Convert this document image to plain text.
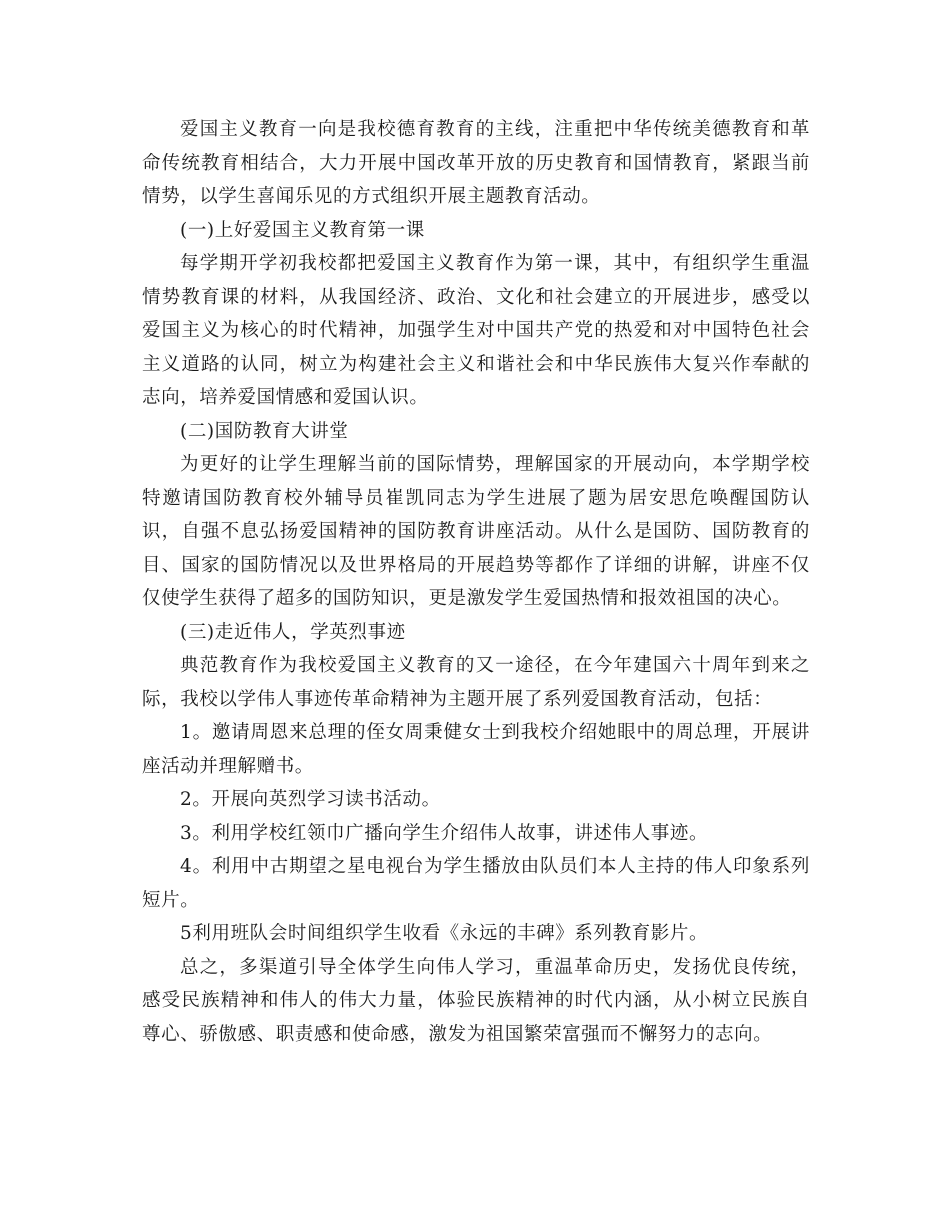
爱国主义教育一向是我校德育教育的主线，注重把中华传统美德教育和革命传统教育相结合，大力开展中国改革开放的历史教育和国情教育，紧跟当前情势，以学生喜闻乐见的方式组织开展主题教育活动。

(一)上好爱国主义教育第一课

每学期开学初我校都把爱国主义教育作为第一课，其中，有组织学生重温情势教育课的材料，从我国经济、政治、文化和社会建立的开展进步，感受以爱国主义为核心的时代精神，加强学生对中国共产党的热爱和对中国特色社会主义道路的认同，树立为构建社会主义和谐社会和中华民族伟大复兴作奉献的志向，培养爱国情感和爱国认识。

(二)国防教育大讲堂

为更好的让学生理解当前的国际情势，理解国家的开展动向，本学期学校特邀请国防教育校外辅导员崔凯同志为学生进展了题为居安思危唤醒国防认识，自强不息弘扬爱国精神的国防教育讲座活动。从什么是国防、国防教育的目、国家的国防情况以及世界格局的开展趋势等都作了详细的讲解，讲座不仅仅使学生获得了超多的国防知识，更是激发学生爱国热情和报效祖国的决心。

(三)走近伟人，学英烈事迹

典范教育作为我校爱国主义教育的又一途径，在今年建国六十周年到来之际，我校以学伟人事迹传革命精神为主题开展了系列爱国教育活动，包括：

1。邀请周恩来总理的侄女周秉健女士到我校介绍她眼中的周总理，开展讲座活动并理解赠书。

2。开展向英烈学习读书活动。

3。利用学校红领巾广播向学生介绍伟人故事，讲述伟人事迹。

4。利用中古期望之星电视台为学生播放由队员们本人主持的伟人印象系列短片。

5利用班队会时间组织学生收看《永远的丰碑》系列教育影片。

总之，多渠道引导全体学生向伟人学习，重温革命历史，发扬优良传统，感受民族精神和伟人的伟大力量，体验民族精神的时代内涵，从小树立民族自尊心、骄傲感、职责感和使命感，激发为祖国繁荣富强而不懈努力的志向。
